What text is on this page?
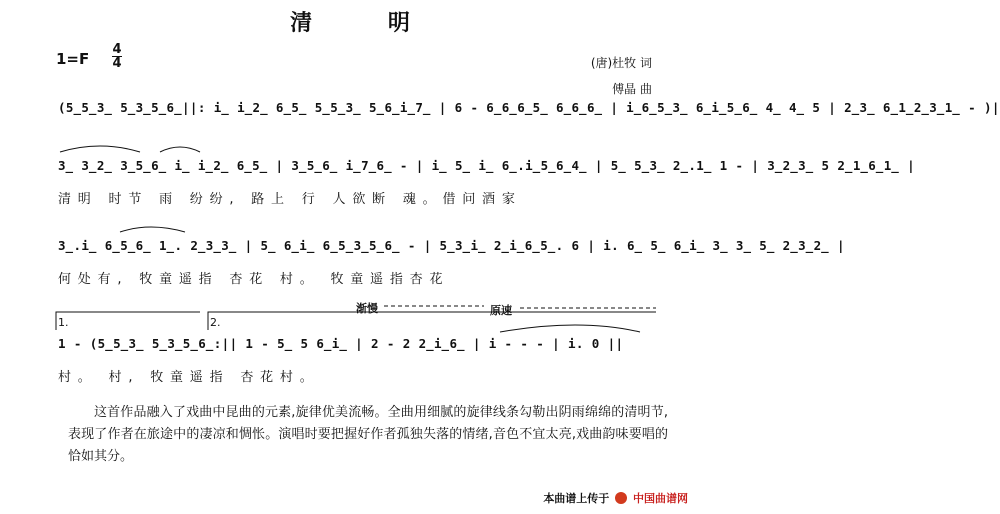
清 明
1=F
4
4	(唐)杜牧 词
傅晶 曲
(5̲5̲3̲ 5̲3̲5̲6̲||: i̲ i̲2̲ 6̲5̲ 5̲5̲3̲ 5̲6̲i̲7̲ | 6 - 6̲6̲6̲5̲ 6̲6̲6̲ | i̲6̲5̲3̲ 6̲i̲5̲6̲ 4̲ 4̲ 5 | 2̲3̲ 6̲1̲2̲3̲1̲ - )|
3̲ 3̲2̲ 3̲5̲6̲ i̲ i̲2̲ 6̲5̲ | 3̲5̲6̲ i̲7̲6̲ - | i̲ 5̲ i̲ 6̲.i̲5̲6̲4̲ | 5̲ 5̲3̲ 2̲.1̲ 1 - | 3̲2̲3̲ 5 2̲1̲6̲1̲ |
清明 时节 雨 纷纷, 路上 行 人欲断 魂。借问酒家
3̲.i̲ 6̲5̲6̲ 1̲. 2̲3̲3̲ | 5̲ 6̲i̲ 6̲5̲3̲5̲6̲ - | 5̲3̲i̲ 2̲i̲6̲5̲. 6 | i. 6̲ 5̲ 6̲i̲ 3̲ 3̲ 5̲ 2̲3̲2̲ |
何处有, 牧童遥指 杏花 村。 牧童遥指杏花
渐慢	原速
1.	2.
1 - (5̲5̲3̲ 5̲3̲5̲6̲:|| 1 - 5̲ 5 6̲i̲ | 2 - 2 2̲i̲6̲ | i - - - | i. 0 ||
村。 村, 牧童遥指 杏花村。
这首作品融入了戏曲中昆曲的元素,旋律优美流畅。全曲用细腻的旋律线条勾勒出阴雨绵绵的清明节,表现了作者在旅途中的凄凉和惆怅。演唱时要把握好作者孤独失落的情绪,音色不宜太亮,戏曲韵味要唱的恰如其分。
本曲谱上传于 中国曲谱网
